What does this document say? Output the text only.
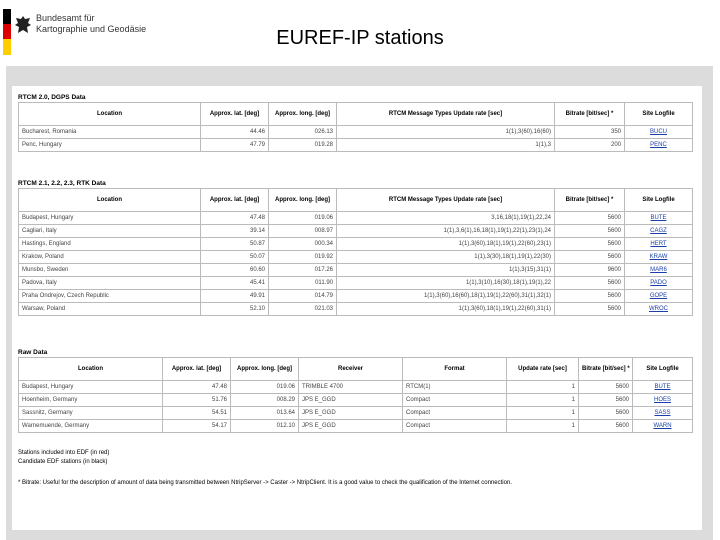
Bundesamt für
Kartographie und Geodäsie	EUREF-IP stations
RTCM 2.0, DGPS Data
Location	Approx. lat. [deg]	Approx. long. [deg]	RTCM Message Types Update rate [sec]	Bitrate [bit/sec] *	Site Logfile
Bucharest, Romania	44.46	026.13	1(1),3(60),16(60)	350	BUCU
Penc, Hungary	47.79	019.28	1(1),3	200	PENC
RTCM 2.1, 2.2, 2.3, RTK Data
Location	Approx. lat. [deg]	Approx. long. [deg]	RTCM Message Types Update rate [sec]	Bitrate [bit/sec] *	Site Logfile
Budapest, Hungary	47.48	019.06	3,16,18(1),19(1),22,24	5600	BUTE
Cagliari, Italy	39.14	008.97	1(1),3,6(1),16,18(1),19(1),22(1),23(1),24	5600	CAGZ
Hastings, England	50.87	000.34	1(1),3(60),18(1),19(1),22(60),23(1)	5600	HERT
Krakow, Poland	50.07	019.92	1(1),3(30),18(1),19(1),22(30)	5600	KRAW
Munsbo, Sweden	60.60	017.26	1(1),3(15),31(1)	9600	MAR6
Padova, Italy	45.41	011.90	1(1),3(10),16(30),18(1),19(1),22	5600	PADO
Praha Ondrejov, Czech Republic	49.91	014.79	1(1),3(60),16(60),18(1),19(1),22(60),31(1),32(1)	5600	GOPE
Warsaw, Poland	52.10	021.03	1(1),3(60),18(1),19(1),22(60),31(1)	5600	WROC
Raw Data
Location	Approx. lat. [deg]	Approx. long. [deg]	Receiver	Format	Update rate [sec]	Bitrate [bit/sec] *	Site Logfile
Budapest, Hungary	47.48	019.06	TRIMBLE 4700	RTCM(1)	1	5600	BUTE
Hoenheim, Germany	51.76	008.29	JPS E_GGD	Compact	1	5600	HOES
Sassnitz, Germany	54.51	013.64	JPS E_GGD	Compact	1	5600	SASS
Warnemuende, Germany	54.17	012.10	JPS E_GGD	Compact	1	5600	WARN
Stations included into EDF (in red)
Candidate EDF stations (in black)
* Bitrate: Useful for the description of amount of data being transmitted between NtripServer -> Caster -> NtripClient. It is a good value to check the qualification of the Internet connection.
